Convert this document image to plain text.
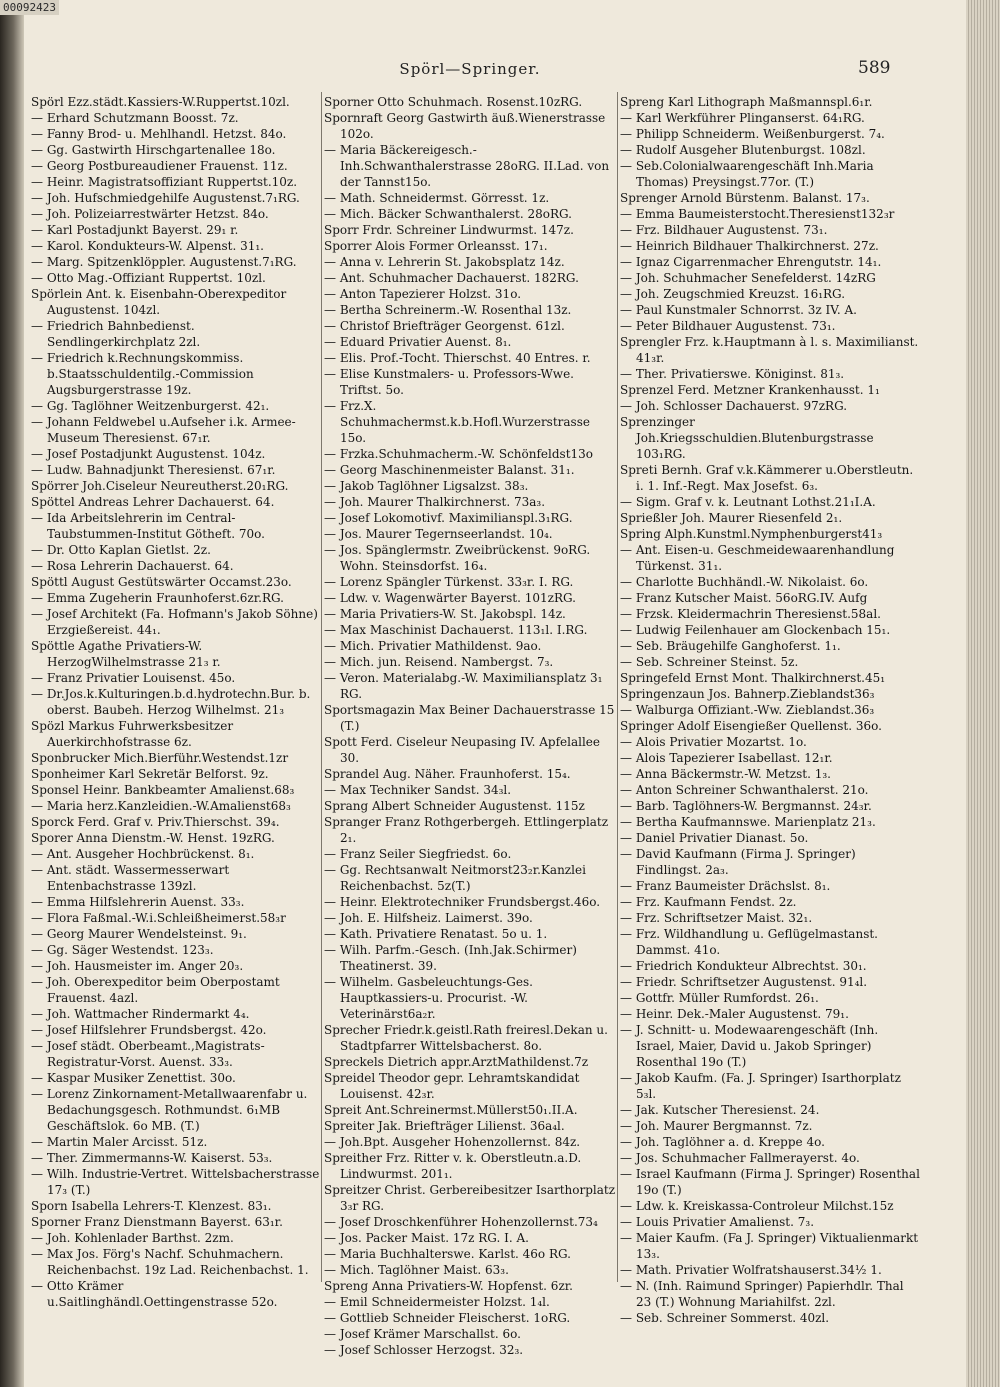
00092423
Spörl—Springer.	589

Spörl Ezz.städt.Kassiers-W.Ruppertst.10zl.

— Erhard Schutzmann Boosst. 7z.

— Fanny Brod- u. Mehlhandl. Hetzst. 84o.

— Gg. Gastwirth Hirschgartenallee 18o.

— Georg Postbureaudiener Frauenst. 11z.

— Heinr. Magistratsoffiziant Ruppertst.10z.

— Joh. Hufschmiedgehilfe Augustenst.7₁RG.

— Joh. Polizeiarrestwärter Hetzst. 84o.

— Karl Postadjunkt Bayerst. 29₁ r.

— Karol. Konduktеurs-W. Alpenst. 31₁.

— Marg. Spitzenklöppler. Augustenst.7₁RG.

— Otto Mag.-Offiziant Ruppertst. 10zl.

Spörlein Ant. k. Eisenbahn-Oberexpeditor Augustenst. 104zl.

— Friedrich Bahnbedienst. Sendlingerkirchplatz 2zl.

— Friedrich k.Rechnungskommiss. b.Staatsschuldentilg.-Commission Augsburgerstrasse 19z.

— Gg. Taglöhner Weitzenburgerst. 42₁.

— Johann Feldwebel u.Aufseher i.k. Armee-Museum Theresienst. 67₁r.

— Josef Postadjunkt Augustenst. 104z.

— Ludw. Bahnadjunkt Theresienst. 67₁r.

Spörrer Joh.Ciseleur Neureutherst.20₁RG.

Spöttel Andreas Lehrer Dachauerst. 64.

— Ida Arbeitslehrerin im Central-Taubstummen-Institut Götheft. 70o.

— Dr. Otto Kaplan Gietlst. 2z.

— Rosa Lehrerin Dachauerst. 64.

Spöttl August Gestütswärter Occamst.23o.

— Emma Zugeherin Fraunhoferst.6zr.RG.

— Josef Architekt (Fa. Hofmann's Jakob Söhne) Erzgießereist. 44₁.

Spöttle Agathe Privatiers-W. HerzogWilhelmstrasse 21₃ r.

— Franz Privatier Louisenst. 45o.

— Dr.Jos.k.Kulturingen.b.d.hydrotechn.Bur. b. oberst. Baubeh. Herzog Wilhelmst. 21₃

Spözl Markus Fuhrwerksbesitzer Auerkirchhofstrasse 6z.

Sponbrucker Mich.Bierführ.Westendst.1zr

Sponheimer Karl Sekretär Belforst. 9z.

Sponsel Heinr. Bankbeamter Amalienst.68₃

— Maria herz.Kanzleidien.-W.Amalienst68₃

Sporck Ferd. Graf v. Priv.Thierschst. 39₄.

Sporer Anna Dienstm.-W. Henst. 19zRG.

— Ant. Ausgeher Hochbrückenst. 8₁.

— Ant. städt. Wassermesserwart Entenbachstrasse 139zl.

— Emma Hilfslehrerin Auenst. 33₃.

— Flora Faßmal.-W.i.Schleißheimerst.58₃r

— Georg Maurer Wendelstеinst. 9₁.

— Gg. Säger Westendst. 123₃.

— Joh. Hausmeister im. Anger 20₃.

— Joh. Oberexpeditor beim Oberpostamt Frauenst. 4azl.

— Joh. Wattmacher Rindermarkt 4₄.

— Josef Hilfslehrer Frundsbergst. 42o.

— Josef städt. Oberbeamt.,Magistrats-Registratur-Vorst. Auenst. 33₃.

— Kaspar Musiker Zenettist. 30o.

— Lorenz Zinkornament-Metallwaarenfabr u. Bedachungsgesch. Rothmundst. 6₁MB Geschäftslok. 6o MB. (T.)

— Martin Maler Arcisst. 51z.

— Ther. Zimmermanns-W. Kaiserst. 53₃.

— Wilh. Industrie-Vertret. Wittelsbacherstrasse 17₃ (T.)

Sporn Isabella Lehrers-T. Klenzest. 83₁.

Sporner Franz Dienstmann Bayerst. 63₁r.

— Joh. Kohlenlader Barthst. 2zm.

— Max Jos. Förg's Nachf. Schuhmachern. Reichenbachst. 19z Lad. Reichenbachst. 1.

— Otto Krämer u.Saitlinghändl.Oettingenstrasse 52o.

Sporner Otto Schuhmach. Rosenst.10zRG.

Spornraft Georg Gastwirth äuß.Wienerstrasse 102o.

— Maria Bäckereigesch.-Inh.Schwanthalerstrasse 28oRG. II.Lad. von der Tannst15o.

— Math. Schneidermst. Görresst. 1z.

— Mich. Bäcker Schwanthalerst. 28oRG.

Sporr Frdr. Schreiner Lindwurmst. 147z.

Sporrer Alois Former Orleansst. 17₁.

— Anna v. Lehrerin St. Jakobsplatz 14z.

— Ant. Schuhmacher Dachauerst. 182RG.

— Anton Tapezierer Holzst. 31o.

— Bertha Schreinerm.-W. Rosenthal 13z.

— Christof Briefträger Georgenst. 61zl.

— Eduard Privatier Auenst. 8₁.

— Elis. Prof.-Tocht. Thierschst. 40 Entres. r.

— Elise Kunstmalers- u. Professors-Wwe. Triftst. 5o.

— Frz.X. Schuhmachermst.k.b.Hofl.Wurzerstrasse 15o.

— Frzka.Schuhmacherm.-W. Schönfeldst13o

— Georg Maschinenmeister Balanst. 31₁.

— Jakob Taglöhner Ligsalzst. 38₃.

— Joh. Maurer Thalkirchnerst. 73a₃.

— Josef Lokomotivf. Maximilianspl.3₁RG.

— Jos. Maurer Tegernseerlandst. 10₄.

— Jos. Spänglermstr. Zweibrückenst. 9oRG. Wohn. Steinsdorfst. 16₄.

— Lorenz Spängler Türkenst. 33₃r. I. RG.

— Ldw. v. Wagenwärter Bayerst. 101zRG.

— Maria Privatiers-W. St. Jakobspl. 14z.

— Max Maschinist Dachauerst. 113₁l. I.RG.

— Mich. Privatier Mathildenst. 9ao.

— Mich. jun. Reisend. Nambergst. 7₃.

— Veron. Materialabg.-W. Maximiliansplatz 3₁ RG.

Sportsmagazin Max Beiner Dachauerstrasse 15 (T.)

Spott Ferd. Ciseleur Neupasing IV. Apfelallee 30.

Sprandel Aug. Näher. Fraunhoferst. 15₄.

— Max Techniker Sandst. 34₃l.

Sprang Albert Schneider Augustenst. 115z

Spranger Franz Rothgerbergeh. Ettlingerplatz 2₁.

— Franz Seiler Siegfriedst. 6o.

— Gg. Rechtsanwalt Neitmorst23₂r.Kanzlei Reichenbachst. 5z(T.)

— Heinr. Elektrotechniker Frundsbergst.46o.

— Joh. E. Hilfsheiz. Laimerst. 39o.

— Kath. Privatiere Renatast. 5o u. 1.

— Wilh. Parfm.-Gesch. (Inh.Jak.Schirmer) Theatinerst. 39.

— Wilhelm. Gasbeleuchtungs-Ges. Hauptkassiers-u. Procurist. -W. Veterinärst6a₂r.

Sprecher Friedr.k.geistl.Rath freiresl.Dekan u. Stadtpfarrer Wittelsbacherst. 8o.

Spreckels Dietrich appr.ArztMathildenst.7z

Spreidel Theodor gepr. Lehramtskandidat Louisenst. 42₃r.

Spreit Ant.Schreinermst.Müllerst50₁.II.A.

Spreiter Jak. Briefträger Lilienst. 36a₄l.

— Joh.Bpt. Ausgeher Hohenzollernst. 84z.

Spreither Frz. Ritter v. k. Oberstleutn.a.D. Lindwurmst. 201₁.

Spreitzer Christ. Gerbereibesitzer Isarthorplatz 3₃r RG.

— Josef Droschkenführer Hohenzollernst.73₄

— Jos. Packer Maist. 17z RG. I. A.

— Maria Buchhalterswe. Karlst. 46o RG.

— Mich. Taglöhner Maist. 63₃.

Spreng Anna Privatiers-W. Hopfenst. 6zr.

— Emil Schneidermeister Holzst. 1₄l.

— Gottlieb Schneider Fleischerst. 1oRG.

— Josef Krämer Marschallst. 6o.

— Josef Schlosser Herzogst. 32₃.

Spreng Karl Lithograph Maßmannspl.6₁r.

— Karl Werkführer Plinganserst. 64₁RG.

— Philipp Schneiderm. Weißenburgerst. 7₄.

— Rudolf Ausgeher Blutenburgst. 108zl.

— Seb.Colonialwaarengeschäft Inh.Maria Thomas) Preysingst.77or. (T.)

Sprenger Arnold Bürstenm. Balanst. 17₃.

— Emma Baumeisterstocht.Theresienst132₃r

— Frz. Bildhauer Augustenst. 73₁.

— Heinrich Bildhauer Thalkirchnerst. 27z.

— Ignaz Cigarrenmacher Ehrengutstr. 14₁.

— Joh. Schuhmacher Senefelderst. 14zRG

— Joh. Zeugschmied Kreuzst. 16₁RG.

— Paul Kunstmaler Schnorrst. 3z IV. A.

— Peter Bildhauer Augustenst. 73₁.

Sprengler Frz. k.Hauptmann à l. s. Maximilianst. 41₃r.

— Ther. Privatierswe. Königinst. 81₃.

Sprenzel Ferd. Metzner Krankenhausst. 1₁

— Joh. Schlosser Dachauerst. 97zRG.

Sprenzinger Joh.Kriegsschuldien.Blutenburgstrasse 103₁RG.

Spreti Bernh. Graf v.k.Kämmerer u.Oberstleutn. i. 1. Inf.-Regt. Max Josefst. 6₃.

— Sigm. Graf v. k. Leutnant Lothst.21₁I.A.

Sprießler Joh. Maurer Riesenfeld 2₁.

Spring Alph.Kunstml.Nymphenburgerst41₃

— Ant. Eisen-u. Geschmeidewaarenhandlung Türkenst. 31₁.

— Charlotte Buchhändl.-W. Nikolaist. 6o.

— Franz Kutscher Maist. 56oRG.IV. Aufg

— Frzsk. Kleidermachrin Theresienst.58al.

— Ludwig Feilenhauer am Glockenbach 15₁.

— Seb. Bräugehilfe Ganghoferst. 1₁.

— Seb. Schreiner Steinst. 5z.

Springefeld Ernst Mont. Thalkirchnerst.45₁

Springenzaun Jos. Bahnerp.Zieblandst36₃

— Walburga Offiziant.-Ww. Zieblandst.36₃

Springer Adolf Eisengießer Quellenst. 36o.

— Alois Privatier Mozartst. 1o.

— Alois Tapezierer Isabellast. 12₁r.

— Anna Bäckermstr.-W. Metzst. 1₃.

— Anton Schreiner Schwanthalerst. 21o.

— Barb. Taglöhners-W. Bergmannst. 24₃r.

— Bertha Kaufmannswe. Marienplatz 21₃.

— Daniel Privatier Dianast. 5o.

— David Kaufmann (Firma J. Springer) Findlingst. 2a₃.

— Franz Baumeister Drächslst. 8₁.

— Frz. Kaufmann Fendst. 2z.

— Frz. Schriftsetzer Maist. 32₁.

— Frz. Wildhandlung u. Geflügelmastanst. Dammst. 41o.

— Friedrich Konduktеur Albrechtst. 30₁.

— Friedr. Schriftsetzer Augustenst. 91₄l.

— Gottfr. Müller Rumfordst. 26₁.

— Heinr. Dek.-Maler Augustenst. 79₁.

— J. Schnitt- u. Modewaarengeschäft (Inh. Israel, Maier, David u. Jakob Springer) Rosenthal 19o (T.)

— Jakob Kaufm. (Fa. J. Springer) Isarthorplatz 5₃l.

— Jak. Kutscher Theresienst. 24.

— Joh. Maurer Bergmannst. 7z.

— Joh. Taglöhner a. d. Kreppe 4o.

— Jos. Schuhmacher Fallmerayerst. 4o.

— Israel Kaufmann (Firma J. Springer) Rosenthal 19o (T.)

— Ldw. k. Kreiskassa-Controleur Milchst.15z

— Louis Privatier Amalienst. 7₃.

— Maier Kaufm. (Fa J. Springer) Viktualienmarkt 13₃.

— Math. Privatier Wolfratshauserst.34½ 1.

— N. (Inh. Raimund Springer) Papierhdlr. Thal 23 (T.) Wohnung Mariahilfst. 2zl.

— Seb. Schreiner Sommerst. 40zl.
